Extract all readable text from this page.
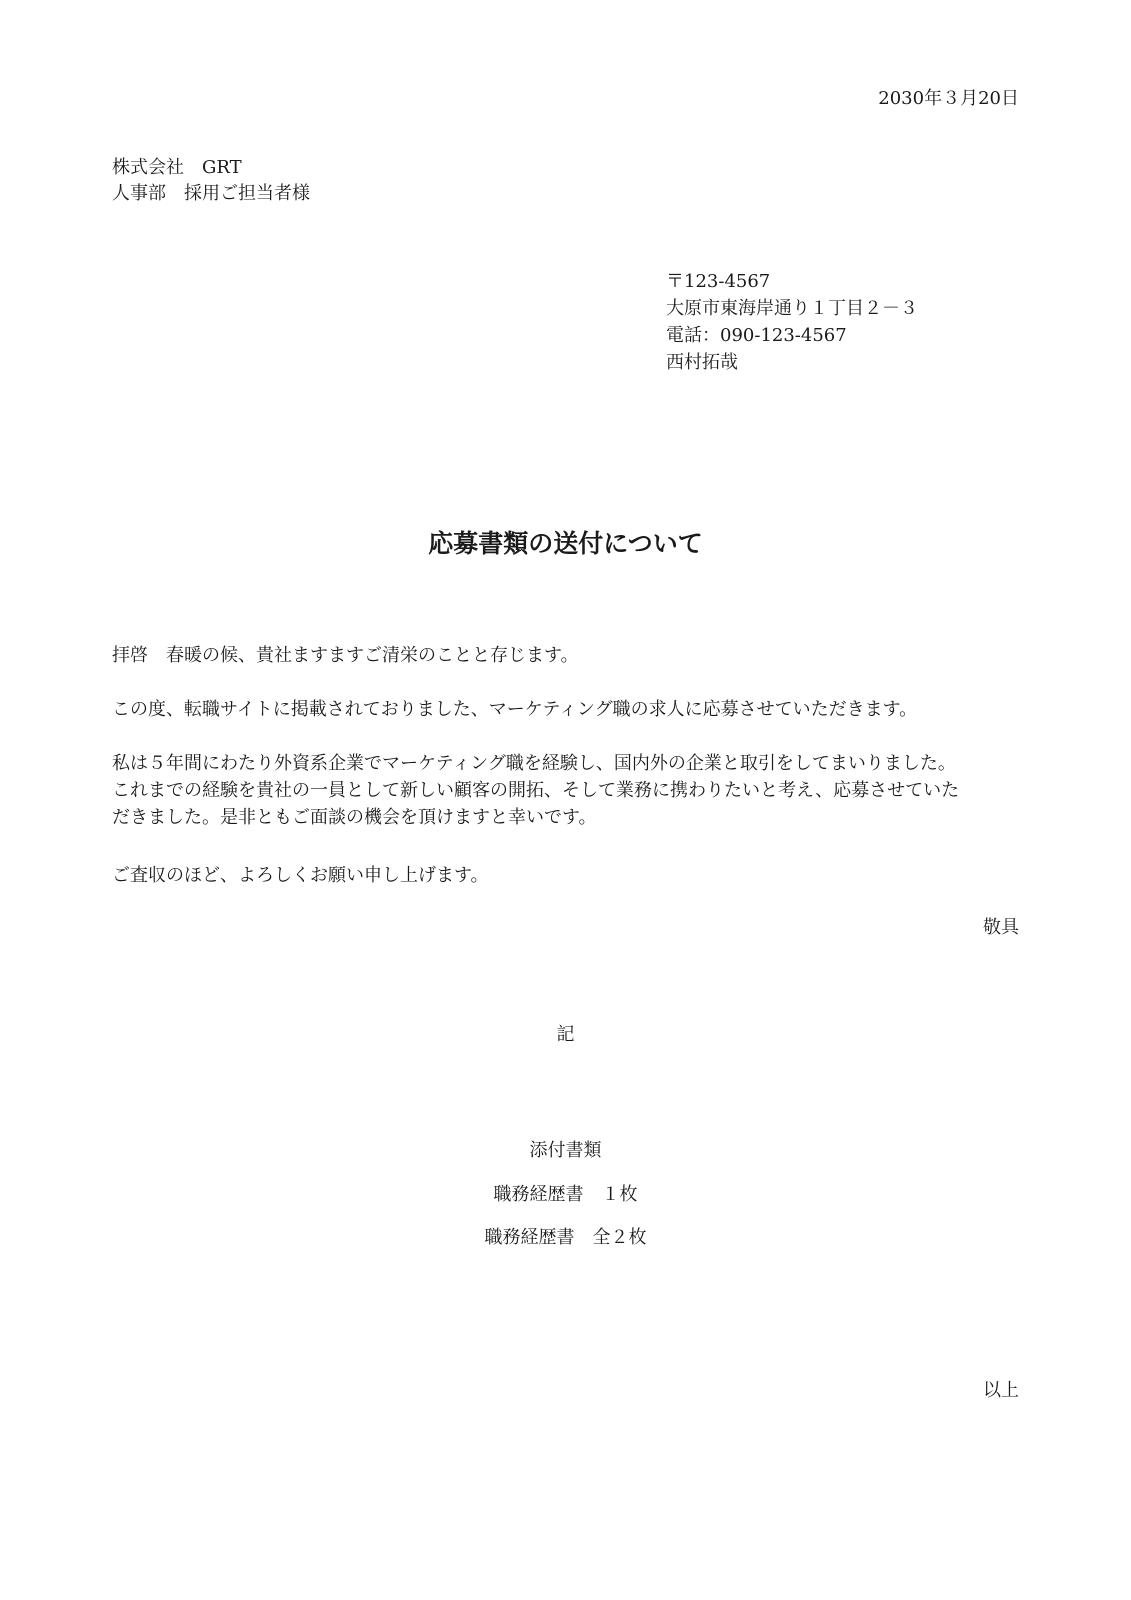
2030年３月20日
株式会社　GRT
人事部　採用ご担当者様
〒123-4567
大原市東海岸通り１丁目２－３
電話：090-123-4567
西村拓哉
応募書類の送付について
拝啓　春暖の候、貴社ますますご清栄のことと存じます。
この度、転職サイトに掲載されておりました、マーケティング職の求人に応募させていただきます。
私は５年間にわたり外資系企業でマーケティング職を経験し、国内外の企業と取引をしてまいりました。
これまでの経験を貴社の一員として新しい顧客の開拓、そして業務に携わりたいと考え、応募させていた
だきました。是非ともご面談の機会を頂けますと幸いです。
ご査収のほど、よろしくお願い申し上げます。
敬具
記
添付書類
職務経歴書　１枚
職務経歴書　全２枚
以上
